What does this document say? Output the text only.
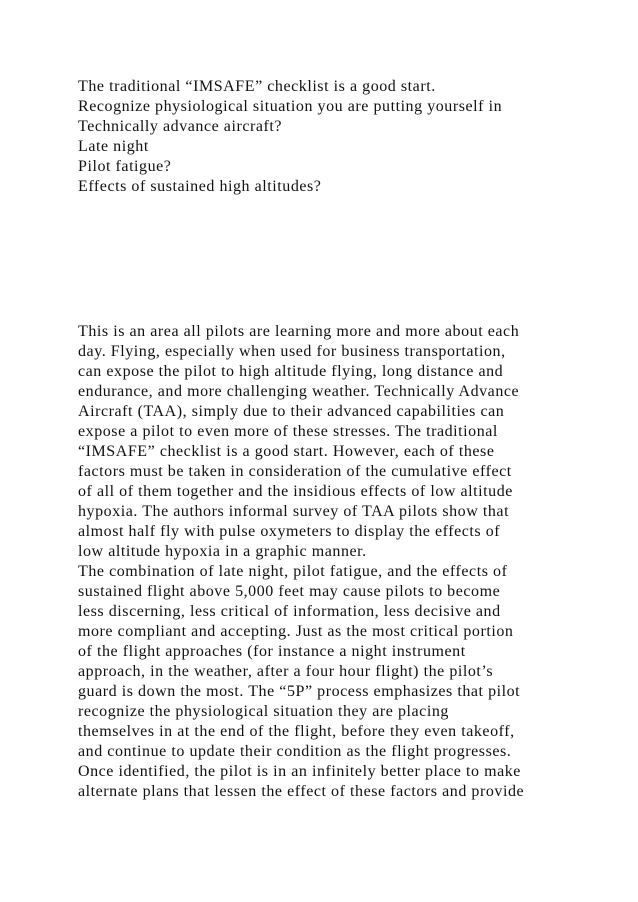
The traditional “IMSAFE” checklist is a good start.
Recognize physiological situation you are putting yourself in
Technically advance aircraft?
Late night
Pilot fatigue?
Effects of sustained high altitudes?
This is an area all pilots are learning more and more about each
day. Flying, especially when used for business transportation,
can expose the pilot to high altitude flying, long distance and
endurance, and more challenging weather. Technically Advance
Aircraft (TAA), simply due to their advanced capabilities can
expose a pilot to even more of these stresses. The traditional
“IMSAFE” checklist is a good start. However, each of these
factors must be taken in consideration of the cumulative effect
of all of them together and the insidious effects of low altitude
hypoxia. The authors informal survey of TAA pilots show that
almost half fly with pulse oxymeters to display the effects of
low altitude hypoxia in a graphic manner.
The combination of late night, pilot fatigue, and the effects of
sustained flight above 5,000 feet may cause pilots to become
less discerning, less critical of information, less decisive and
more compliant and accepting. Just as the most critical portion
of the flight approaches (for instance a night instrument
approach, in the weather, after a four hour flight) the pilot’s
guard is down the most. The “5P” process emphasizes that pilot
recognize the physiological situation they are placing
themselves in at the end of the flight, before they even takeoff,
and continue to update their condition as the flight progresses.
Once identified, the pilot is in an infinitely better place to make
alternate plans that lessen the effect of these factors and provide
